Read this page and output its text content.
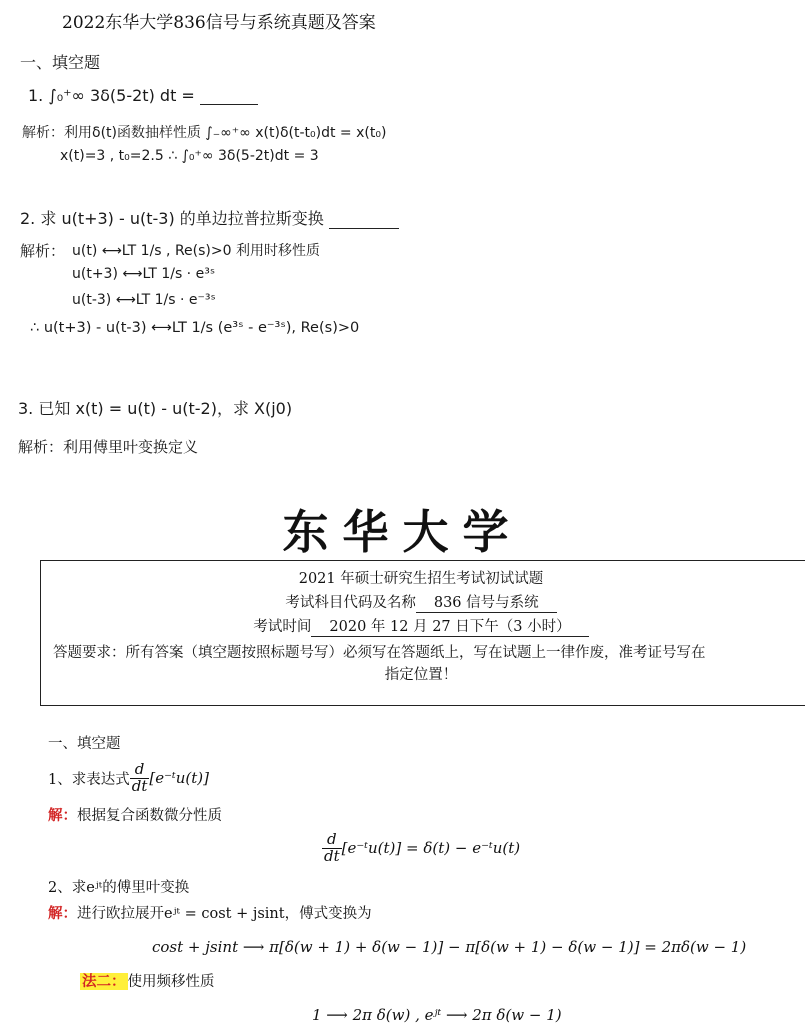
2022东华大学836信号与系统真题及答案
一、填空题
1. ∫₀⁺∞ 3δ(5-2t) dt =
解析：利用δ(t)函数抽样性质 ∫₋∞⁺∞ x(t)δ(t-t₀)dt = x(t₀)
x(t)=3 , t₀=2.5 ∴ ∫₀⁺∞ 3δ(5-2t)dt = 3
2. 求 u(t+3) - u(t-3) 的单边拉普拉斯变换
解析： u(t) ⟷LT 1/s , Re(s)>0 利用时移性质
u(t+3) ⟷LT 1/s · e³ˢ
u(t-3) ⟷LT 1/s · e⁻³ˢ
∴ u(t+3) - u(t-3) ⟷LT 1/s (e³ˢ - e⁻³ˢ), Re(s)>0
3. 已知 x(t) = u(t) - u(t-2)，求 X(j0)
解析：利用傅里叶变换定义
东华大学
2021 年硕士研究生招生考试初试试题
考试科目代码及名称 836 信号与系统
考试时间 2020 年 12 月 27 日下午（3 小时）
答题要求：所有答案（填空题按照标题号写）必须写在答题纸上，写在试题上一律作废，准考证号写在
指定位置！
一、填空题
1、求表达式 $\frac{d}{dt}$ [e⁻ᵗu(t)]
解：根据复合函数微分性质
$\frac{d}{dt}$ [e⁻ᵗu(t)] = δ(t) − e⁻ᵗu(t)
2、求eʲᵗ的傅里叶变换
解：进行欧拉展开eʲᵗ = cost + jsint，傅式变换为
cost + jsint ⟶ π[δ(w + 1) + δ(w − 1)] − π[δ(w + 1) − δ(w − 1)] = 2πδ(w − 1)
法二： 使用频移性质
1 ⟶ 2π δ(w) , eʲᵗ ⟶ 2π δ(w − 1)
